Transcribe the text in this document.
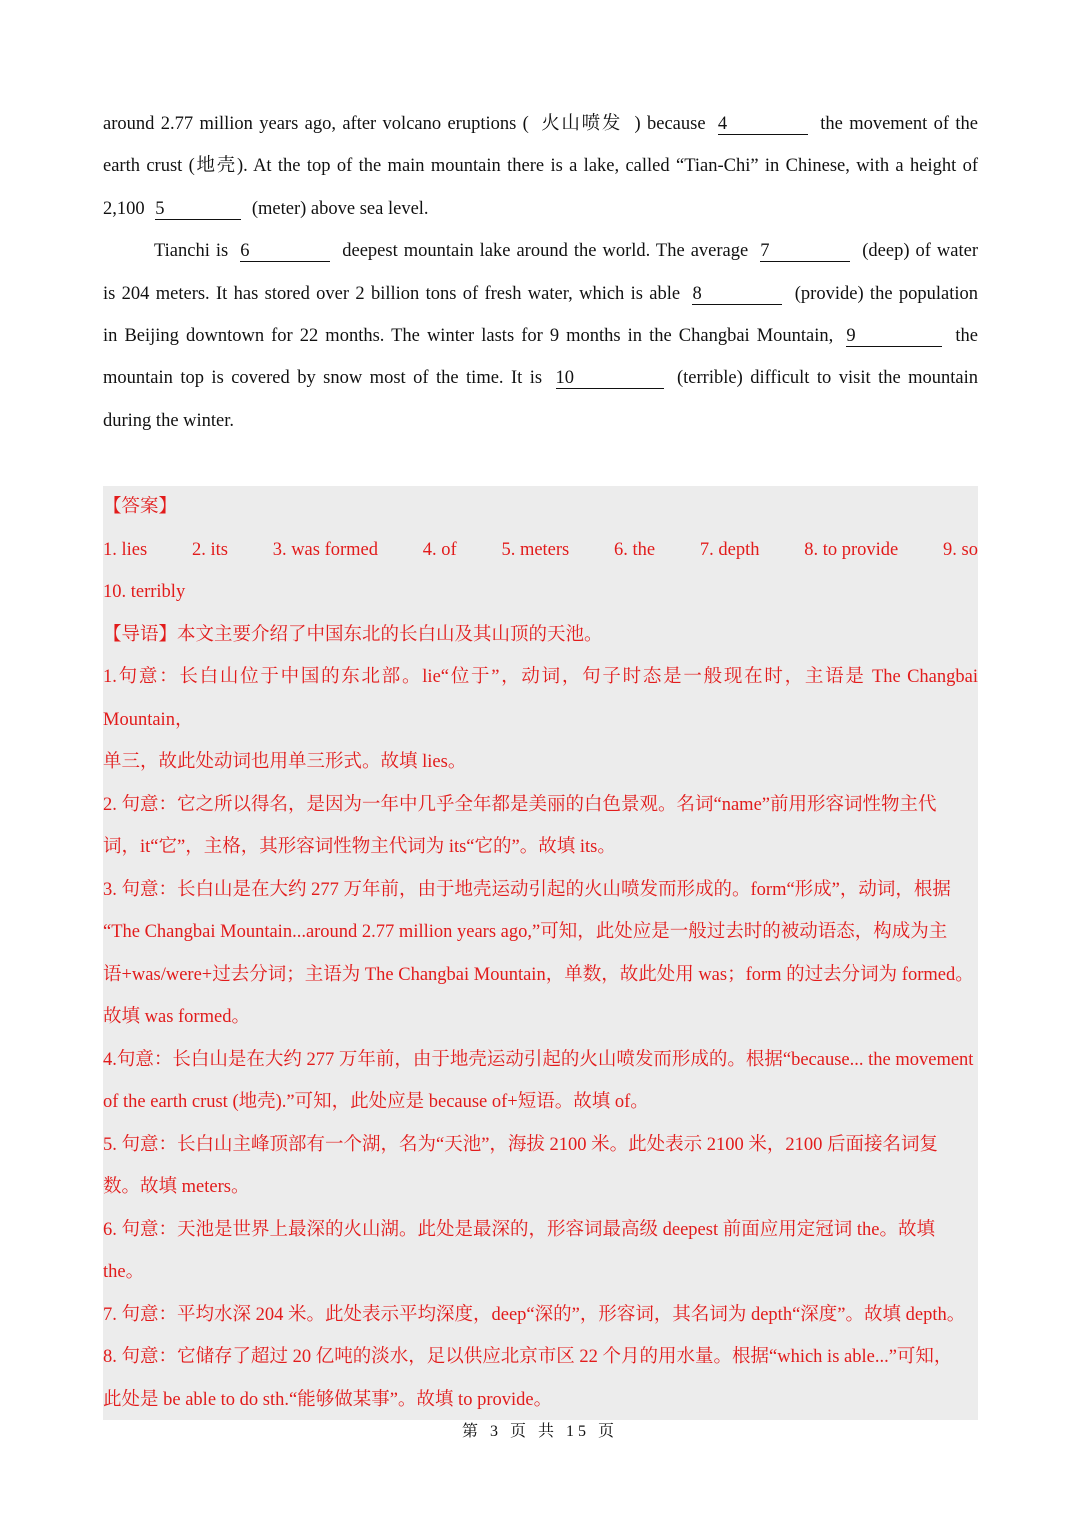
around 2.77 million years ago, after volcano eruptions ( 火山喷发 ) because 4	the movement of the
earth crust (地壳). At the top of the main mountain there is a lake, called “Tian-Chi” in Chinese, with a height of
2,100 5	(meter) above sea level.
Tianchi is 6	deepest mountain lake around the world. The average 7	(deep) of water
is 204 meters. It has stored over 2 billion tons of fresh water, which is able 8	(provide) the population
in Beijing downtown for 22 months. The winter lasts for 9 months in the Changbai Mountain, 9	the
mountain top is covered by snow most of the time. It is 10	(terrible) difficult to visit the mountain
during the winter.
【答案】
1. lies 2. its 3. was formed 4. of 5. meters 6. the 7. depth 8. to provide 9. so
10. terribly
【导语】本文主要介绍了中国东北的长白山及其山顶的天池。
1.句意：长白山位于中国的东北部。lie“位于”，动词，句子时态是一般现在时，主语是 The Changbai Mountain，
单三，故此处动词也用单三形式。故填 lies。
2. 句意：它之所以得名，是因为一年中几乎全年都是美丽的白色景观。名词“name”前用形容词性物主代
词，it“它”，主格，其形容词性物主代词为 its“它的”。故填 its。
3. 句意：长白山是在大约 277 万年前，由于地壳运动引起的火山喷发而形成的。form“形成”，动词，根据
“The Changbai Mountain...around 2.77 million years ago,”可知，此处应是一般过去时的被动语态，构成为主
语+was/were+过去分词；主语为 The Changbai Mountain，单数，故此处用 was；form 的过去分词为 formed。
故填 was formed。
4.句意：长白山是在大约 277 万年前，由于地壳运动引起的火山喷发而形成的。根据“because... the movement
of the earth crust (地壳).”可知，此处应是 because of+短语。故填 of。
5. 句意：长白山主峰顶部有一个湖，名为“天池”，海拔 2100 米。此处表示 2100 米，2100 后面接名词复
数。故填 meters。
6. 句意：天池是世界上最深的火山湖。此处是最深的，形容词最高级 deepest 前面应用定冠词 the。故填
the。
7. 句意：平均水深 204 米。此处表示平均深度，deep“深的”，形容词，其名词为 depth“深度”。故填 depth。
8. 句意：它储存了超过 20 亿吨的淡水，足以供应北京市区 22 个月的用水量。根据“which is able...”可知，
此处是 be able to do sth.“能够做某事”。故填 to provide。
第 3 页 共 15 页
